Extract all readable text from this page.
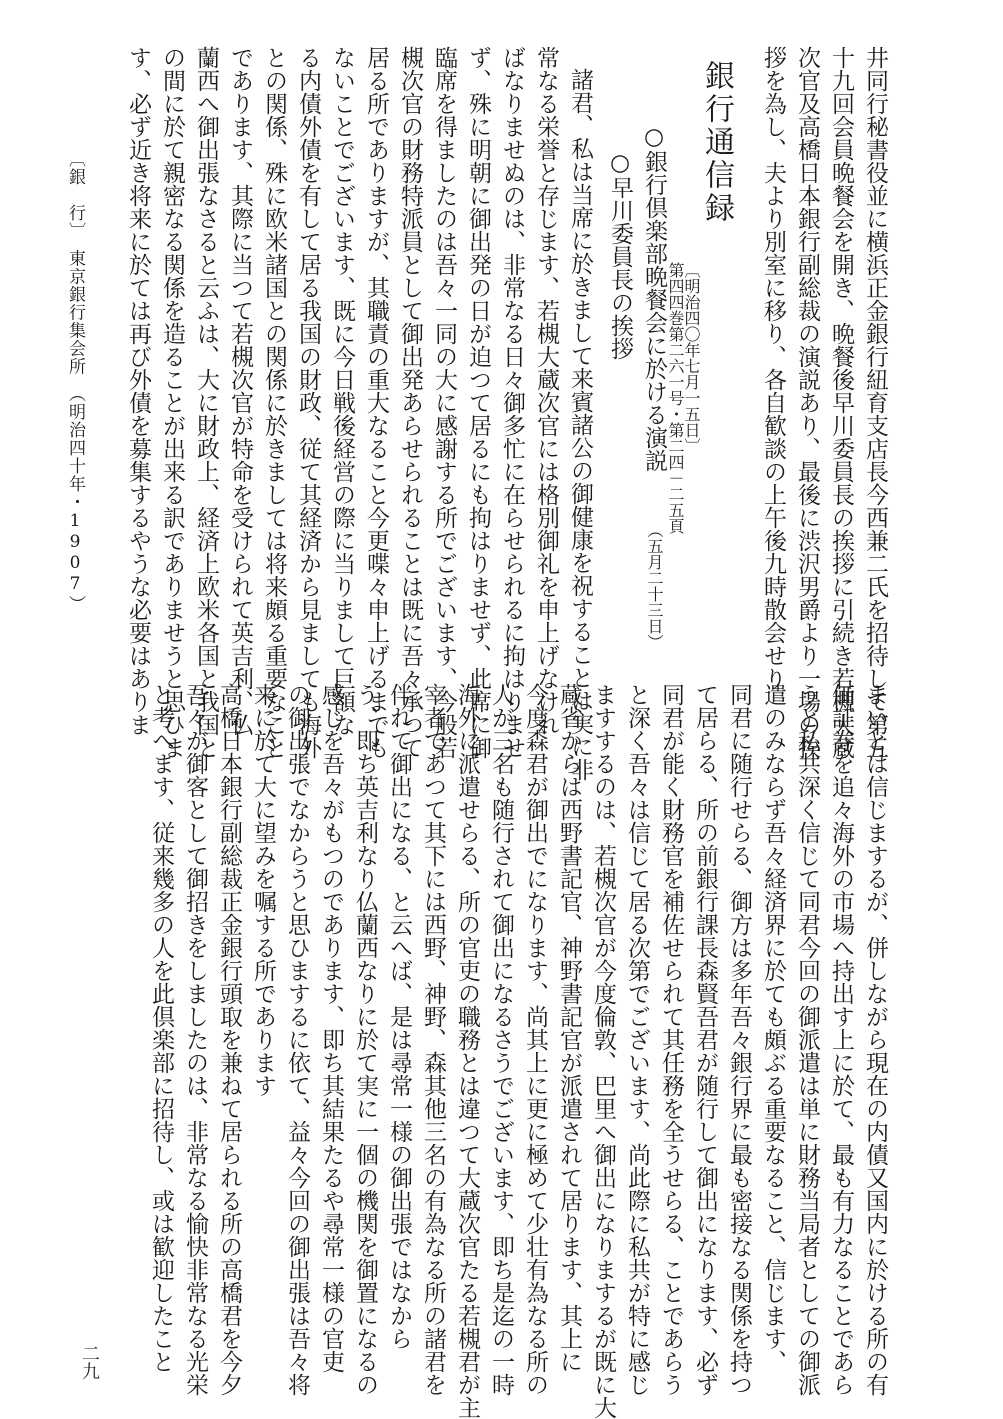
井同行秘書役並に横浜正金銀行紐育支店長今西兼二氏を招待して第五
十九回会員晩餐会を開き、晩餐後早川委員長の挨拶に引続き若槻大蔵
次官及高橋日本銀行副総裁の演説あり、最後に渋沢男爵より一場の挨
拶を為し、夫より別室に移り、各自歓談の上午後九時散会せり
銀行通信録
第四四巻第二六一号・第二四－二五頁
〔明治四〇年七月一五日〕
○銀行倶楽部晩餐会に於ける演説
（五月二十三日）
○早川委員長の挨拶
諸君、私は当席に於きまして来賓諸公の御健康を祝することは実に非
常なる栄誉と存じます、若槻大蔵次官には格別御礼を申上げなけれ
ばなりませぬのは、非常なる日々御多忙に在らせられるに拘はりませ
ず、殊に明朝に御出発の日が迫つて居るにも拘はりませず、此席に御
臨席を得ましたのは吾々一同の大に感謝する所でございます、今般若
槻次官の財務特派員として御出発あらせられることは既に吾々承つて
居る所でありますが、其職責の重大なること今更喋々申上げるまでも
ないことでございます、既に今日戦後経営の際に当りまして巨額な
る内債外債を有して居る我国の財政、従て其経済から見ましても海外
との関係、殊に欧米諸国との関係に於きましては将来頗る重要なこと
であります、其際に当つて若槻次官が特命を受けられて英吉利、仏
蘭西へ御出張なさると云ふは、大に財政上、経済上欧米各国と我国と
の間に於て親密なる関係を造ることが出来る訳でありませうと思ひま
す、必ず近き将来に於ては再び外債を募集するやうな必要はありま
まいとは信じまするが、併しながら現在の内債又国内に於ける所の有
価証券を追々海外の市場へ持出す上に於て、最も有力なることであら
うと私共深く信じて同君今回の御派遣は単に財務当局者としての御派
遣のみならず吾々経済界に於ても頗ぶる重要なること、信じます、
同君に随行せらる、御方は多年吾々銀行界に最も密接なる関係を持つ
て居らる、所の前銀行課長森賢吾君が随行して御出になります、必ず
同君が能く財務官を補佐せられて其任務を全うせらる、ことであらう
と深く吾々は信じて居る次第でございます、尚此際に私共が特に感じ
ますするのは、若槻次官が今度倫敦、巴里へ御出になりまするが既に大
蔵省からは西野書記官、神野書記官が派遣されて居ります、其上に
今度森君が御出でになります、尚其上に更に極めて少壮有為なる所の
人が三名も随行されて御出になるさうでございます、即ち是迄の一時
海外に派遣せらる、所の官吏の職務とは違つて大蔵次官たる若槻君が主
宰者であつて其下には西野、神野、森其他三名の有為なる所の諸君を
伴れて御出になる、と云へば、是は尋常一様の御出張ではなから
う、即ち英吉利なり仏蘭西なりに於て実に一個の機関を御置になるの
感じを吾々がもつのであります、即ち其結果たるや尋常一様の官吏
の御出張でなからうと思ひまするに依て、益々今回の御出張は吾々将
来に於て大に望みを嘱する所であります
高橋日本銀行副総裁正金銀行頭取を兼ねて居られる所の高橋君を今夕
吾々が御客として御招きをしましたのは、非常なる愉快非常なる光栄
と考へます、従来幾多の人を此倶楽部に招待し、或は歓迎したこと
〔銀　行〕　東京銀行集会所　（明治四十年・1907）
二九
